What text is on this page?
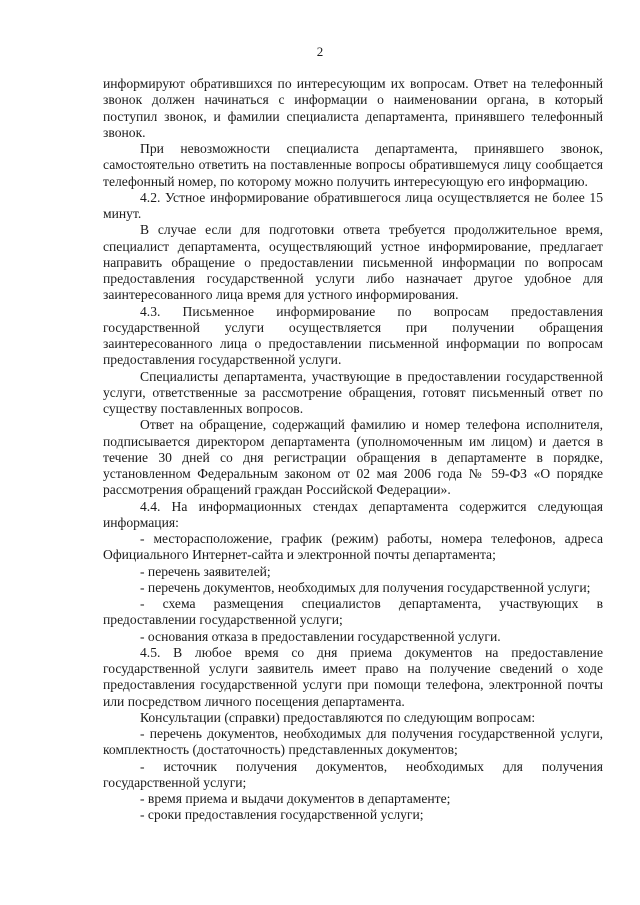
2

информируют обратившихся по интересующим их вопросам. Ответ на телефонный звонок должен начинаться с информации о наименовании органа, в который поступил звонок, и фамилии специалиста департамента, принявшего телефонный звонок.

При невозможности специалиста департамента, принявшего звонок, самостоятельно ответить на поставленные вопросы обратившемуся лицу сообщается телефонный номер, по которому можно получить интересующую его информацию.

4.2. Устное информирование обратившегося лица осуществляется не более 15 минут.

В случае если для подготовки ответа требуется продолжительное время, специалист департамента, осуществляющий устное информирование, предлагает направить обращение о предоставлении письменной информации по вопросам предоставления государственной услуги либо назначает другое удобное для заинтересованного лица время для устного информирования.

4.3. Письменное информирование по вопросам предоставления государственной услуги осуществляется при получении обращения заинтересованного лица о предоставлении письменной информации по вопросам предоставления государственной услуги.

Специалисты департамента, участвующие в предоставлении государственной услуги, ответственные за рассмотрение обращения, готовят письменный ответ по существу поставленных вопросов.

Ответ на обращение, содержащий фамилию и номер телефона исполнителя, подписывается директором департамента (уполномоченным им лицом) и дается в течение 30 дней со дня регистрации обращения в департаменте в порядке, установленном Федеральным законом от 02 мая 2006 года № 59-ФЗ «О порядке рассмотрения обращений граждан Российской Федерации».

4.4. На информационных стендах департамента содержится следующая информация:

- месторасположение, график (режим) работы, номера телефонов, адреса Официального Интернет-сайта и электронной почты департамента;

- перечень заявителей;

- перечень документов, необходимых для получения государственной услуги;

- схема размещения специалистов департамента, участвующих в предоставлении государственной услуги;

- основания отказа в предоставлении государственной услуги.

4.5. В любое время со дня приема документов на предоставление государственной услуги заявитель имеет право на получение сведений о ходе предоставления государственной услуги при помощи телефона, электронной почты или посредством личного посещения департамента.

Консультации (справки) предоставляются по следующим вопросам:

- перечень документов, необходимых для получения государственной услуги, комплектность (достаточность) представленных документов;

- источник получения документов, необходимых для получения государственной услуги;

- время приема и выдачи документов в департаменте;

- сроки предоставления государственной услуги;
